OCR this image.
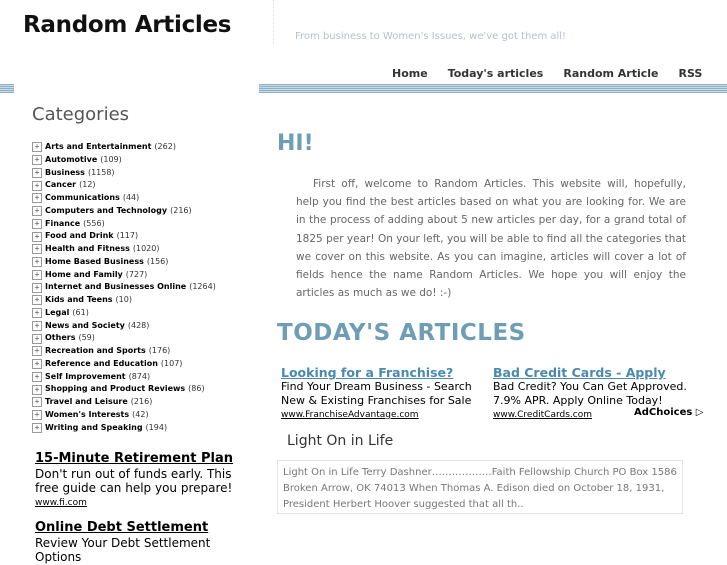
Random Articles	From business to Women's Issues, we've got them all!
Home Today's articles Random Article RSS
Categories
+ Arts and Entertainment (262)
+ Automotive (109)
+ Business (1158)
+ Cancer (12)
+ Communications (44)
+ Computers and Technology (216)
+ Finance (556)
+ Food and Drink (117)
+ Health and Fitness (1020)
+ Home Based Business (156)
+ Home and Family (727)
+ Internet and Businesses Online (1264)
+ Kids and Teens (10)
+ Legal (61)
+ News and Society (428)
+ Others (59)
+ Recreation and Sports (176)
+ Reference and Education (107)
+ Self Improvement (874)
+ Shopping and Product Reviews (86)
+ Travel and Leisure (216)
+ Women's Interests (42)
+ Writing and Speaking (194)
15-Minute Retirement Plan
Don't run out of funds early. This free guide can help you prepare!
www.fi.com
Online Debt Settlement
Review Your Debt Settlement Options
HI!

First off, welcome to Random Articles. This website will, hopefully, help you find the best articles based on what you are looking for. We are in the process of adding about 5 new articles per day, for a grand total of 1825 per year! On your left, you will be able to find all the categories that we cover on this website. As you can imagine, articles will cover a lot of fields hence the name Random Articles. We hope you will enjoy the articles as much as we do! :-)

TODAY'S ARTICLES
Looking for a Franchise?
Find Your Dream Business - Search New & Existing Franchises for Sale
www.FranchiseAdvantage.com
Bad Credit Cards - Apply
Bad Credit? You Can Get Approved. 7.9% APR. Apply Online Today!
www.CreditCards.com	AdChoices ▷
Light On in Life
Light On in Life Terry Dashner………………Faith Fellowship Church PO Box 1586 Broken Arrow, OK 74013 When Thomas A. Edison died on October 18, 1931, President Herbert Hoover suggested that all th..
